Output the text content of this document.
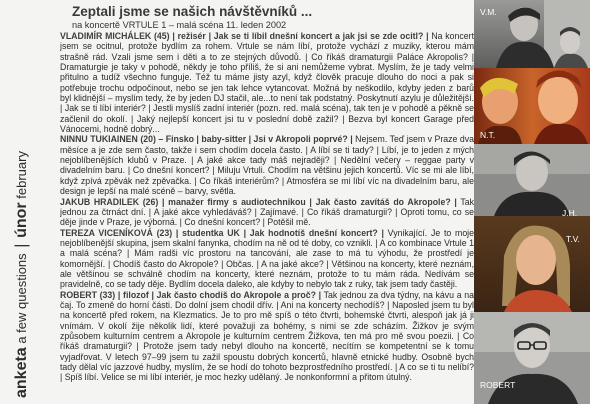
anketa a few questions | únor february
Zeptali jsme se našich návštěvníků ...
na koncertě VRTULE 1 – malá scéna 11. leden 2002
VLADIMÍR MICHÁLEK (45) | režisér | Jak se ti líbil dnešní koncert a jak jsi se zde ocitl? | Na koncert jsem se ocitnul, protože bydlím za rohem. Vrtule se nám líbí, protože vychází z muziky, kterou mám strašně rád. Vzali jsme sem i děti a to ze stejných důvodů. | Co říkáš dramaturgii Paláce Akropolis? | Dramaturgie je taky v pohodě, někdy je toho příliš, že si ani nemůžeme vybrat. Myslím, že je tady velmi přitulno a tudíž všechno funguje. Též tu máme jisty azyl, když člověk pracuje dlouho do noci a pak si potřebuje trochu odpočinout, nebo se jen tak lehce vytancovat. Možná by neškodilo, kdyby jeden z barů byl klidnější – myslím tedy, že by jeden DJ stačil, ale...to není tak podstatný. Poskytnutí azylu je důležitější. | Jak se ti líbí interiér? | Jestli myslíš zadní interiér (pozn. red. malá scéna), tak ten je v pohodě a pěkně se začlenil do okolí. | Jaký nejlepší koncert jsi tu v poslední době zažil? | Bezva byl koncert Garage před Vánocemi, hodně dobrý...
NINNU TUKIAINEN (20) – Finsko | baby-sitter | Jsi v Akropoli poprvé? | Nejsem. Teď jsem v Praze dva měsíce a je zde sem často, takže i sem chodím docela často. | A líbí se ti tady? | Líbí, je to jeden z mých nejoblíbenějších klubů v Praze. | A jaké akce tady máš nejraději? | Nedělní večery – reggae party v divadelním baru. | Co dnešní koncert? | Miluju Vrtuli. Chodím na většinu jejich koncertů. Víc se mi ale líbí, když zpívá zpěvák než zpěvačka. | Co říkáš interiérům? | Atmosféra se mi líbí víc na divadelním baru, ale design je lepší na malé scéně – barvy, světla.
JAKUB HRADILEK (26) | manažer firmy s audiotechnikou | Jak často zavítáš do Akropole? | Tak jednou za čtrnáct dní. | A jaké akce vyhledáváš? | Zajímavé. | Co říkáš dramaturgii? | Oproti tomu, co se děje jinde v Praze, je výborná. | Co dnešní koncert? | Potěšil mě.
TEREZA VICENÍKOVÁ (23) | studentka UK | Jak hodnotíš dnešní koncert? | Vynikající. Je to moje nejoblíbenější skupina, jsem skalní fanynka, chodím na ně od té doby, co vznikli. | A co kombinace Vrtule 1 a malá scéna? | Mám radši víc prostoru na tancování, ale zase to má tu výhodu, že prostředí je komornější. | Chodíš často do Akropole? | Občas. | A na jaké akce? | Většinou na koncerty, které neznám, ale většinou se schválně chodím na koncerty, které neznám, protože to tu mám ráda. Nedívám se pravidelně, co se tady děje. Bydlím docela daleko, ale kdyby to nebylo tak z ruky, tak jsem tady častěji.
ROBERT (33) | filozof | Jak často chodíš do Akropole a proč? | Tak jednou za dva týdny, na kávu a na čaj. To zmeně do horní části. Do dolní jsem chodil dřív. | Ani na koncerty nechodíš? | Naposled jsem tu byl na koncertě před rokem, na Klezmatics. Je to pro mě spíš o této čtvrti, bohemské čtvrti, alespoň jak já ji vnímám. V okolí žije několik lidí, které považuji za bohémy, s nimi se zde scházím. Žižkov je svým způsobem kulturním centrem a Akropole je kulturním centrem Žižkova, ten má pro mě svou poezii. | Co říkáš dramaturgii? | Protože jsem tady nebyl dlouho na koncertě, necítím se kompetentní se k tomu vyjadřovat. V letech 97–99 jsem tu zažil spoustu dobrých koncertů, hlavně etnické hudby. Osobně bych tady dělal víc jazzové hudby, myslím, že se hodí do tohoto bezprostředního prostředí. | A co se ti tu nelíbí? | Spíš líbí. Velice se mi líbí interiér, je moc hezky udělaný. Je nonkonformní a přitom útulný.
V.M.
N.T.
J.H.
T.V.
ROBERT
